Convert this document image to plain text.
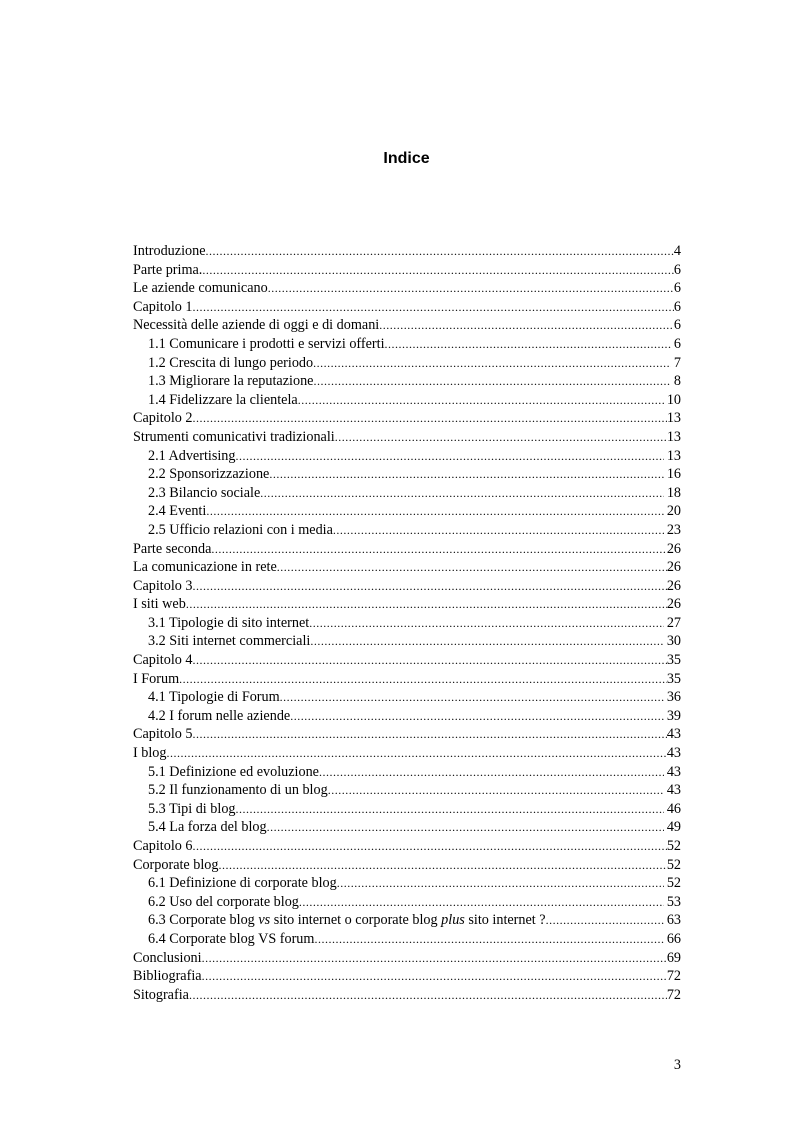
Indice
Introduzione .....	4
Parte prima. .....	6
Le aziende comunicano .....	6
Capitolo 1 .....	6
Necessità delle aziende di oggi e di domani .....	6
1.1 Comunicare i prodotti e servizi offerti .....	6
1.2 Crescita di lungo periodo .....	7
1.3 Migliorare la reputazione .....	8
1.4 Fidelizzare la clientela .....	10
Capitolo 2 .....	13
Strumenti comunicativi tradizionali .....	13
2.1 Advertising .....	13
2.2 Sponsorizzazione .....	16
2.3 Bilancio sociale .....	18
2.4 Eventi .....	20
2.5 Ufficio relazioni con i media .....	23
Parte seconda .....	26
La comunicazione in rete .....	26
Capitolo 3 .....	26
I siti web .....	26
3.1 Tipologie di sito internet .....	27
3.2 Siti internet commerciali .....	30
Capitolo 4 .....	35
I Forum .....	35
4.1 Tipologie di Forum .....	36
4.2 I forum nelle aziende .....	39
Capitolo 5 .....	43
I blog .....	43
5.1 Definizione ed evoluzione .....	43
5.2 Il funzionamento di un blog .....	43
5.3 Tipi di blog .....	46
5.4 La forza del blog .....	49
Capitolo 6 .....	52
Corporate blog .....	52
6.1 Definizione di corporate blog .....	52
6.2 Uso del corporate blog .....	53
6.3 Corporate blog vs sito internet o corporate blog plus sito internet ? .....	63
6.4 Corporate blog VS forum .....	66
Conclusioni .....	69
Bibliografia .....	72
Sitografia .....	72
3
